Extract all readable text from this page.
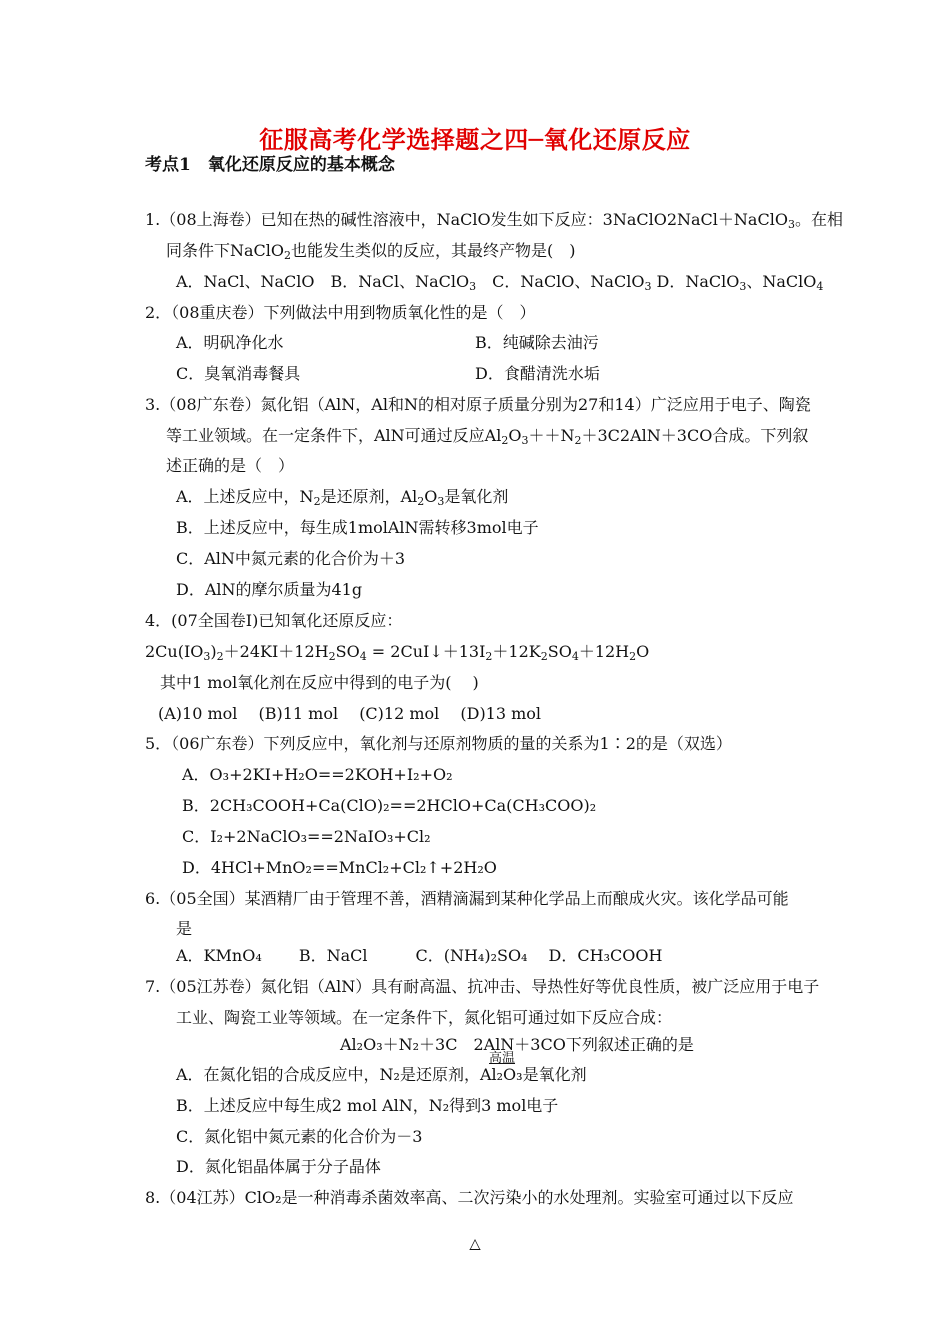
征服高考化学选择题之四─氧化还原反应
考点1　氧化还原反应的基本概念
1.（08上海卷）已知在热的碱性溶液中，NaClO发生如下反应：3NaClO2NaCl＋NaClO$_3$。在相
同条件下NaClO$_2$也能发生类似的反应，其最终产物是(　)
A．NaCl、NaClO　B．NaCl、NaClO$_3$　C．NaClO、NaClO$_3$ D．NaClO$_3$、NaClO$_4$
2．（08重庆卷）下列做法中用到物质氧化性的是（　）
A．明矾净化水	B．纯碱除去油污
C．臭氧消毒餐具	D．食醋清洗水垢
3.（08广东卷）氮化铝（AlN，Al和N的相对原子质量分别为27和14）广泛应用于电子、陶瓷
等工业领域。在一定条件下，AlN可通过反应$Al_2O_3++N_2+3C2AlN+3CO$合成。下列叙
述正确的是（　）
A．上述反应中，$N_2$是还原剂，$Al_2O_3$是氧化剂
B．上述反应中，每生成1molAlN需转移3mol电子
C．AlN中氮元素的化合价为＋3
D．AlN的摩尔质量为41g
4．(07全国卷I)已知氧化还原反应：
$2Cu(IO_3)_2+24KI+12H_2SO_4$ = $2CuI↓+13I_2+12K_2SO_4+12H_2O$
其中1 mol氧化剂在反应中得到的电子为(　 )
(A)10 mol　 (B)11 mol　 (C)12 mol　 (D)13 mol
5．（06广东卷）下列反应中，氧化剂与还原剂物质的量的关系为1∶2的是（双选）
A．O₃+2KI+H₂O==2KOH+I₂+O₂
B．2CH₃COOH+Ca(ClO)₂==2HClO+Ca(CH₃COO)₂
C．I₂+2NaClO₃==2NaIO₃+Cl₂
D．4HCl+MnO₂==MnCl₂+Cl₂↑+2H₂O
6.（05全国）某酒精厂由于管理不善，酒精滴漏到某种化学品上而酿成火灾。该化学品可能
是
A．KMnO₄　　 B．NaCl　　　C．(NH₄)₂SO₄　 D．CH₃COOH
7.（05江苏卷）氮化铝（AlN）具有耐高温、抗冲击、导热性好等优良性质，被广泛应用于电子
工业、陶瓷工业等领域。在一定条件下，氮化铝可通过如下反应合成：
Al₂O₃＋N₂＋3C　2AlN＋3CO下列叙述正确的是
高温
A．在氮化铝的合成反应中，N₂是还原剂，Al₂O₃是氧化剂
B．上述反应中每生成2 mol AlN，N₂得到3 mol电子
C．氮化铝中氮元素的化合价为－3
D．氮化铝晶体属于分子晶体
8.（04江苏）ClO₂是一种消毒杀菌效率高、二次污染小的水处理剂。实验室可通过以下反应
△
